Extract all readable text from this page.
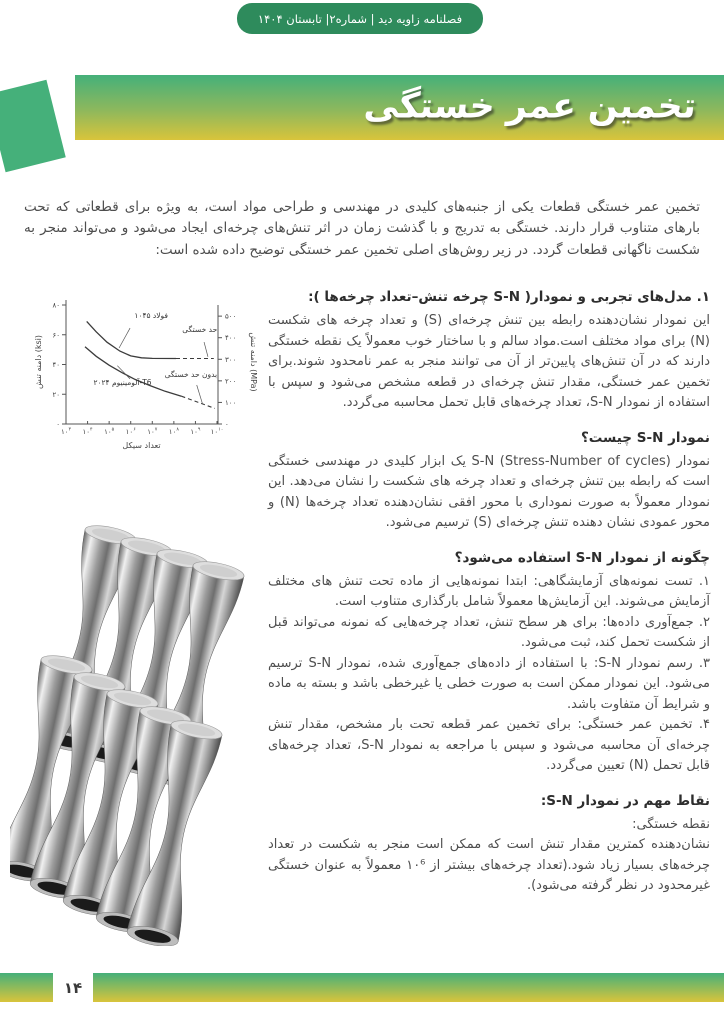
فصلنامه زاویه دید | شماره۲| تابستان ۱۴۰۴
تخمین عمر خستگی

تخمین عمر خستگی قطعات یکی از جنبه‌های کلیدی در مهندسی و طراحی مواد است، به ویژه برای قطعاتی که تحت بارهای متناوب قرار دارند. خستگی به تدریج و با گذشت زمان در اثر تنش‌های چرخه‌ای ایجاد می‌شود و می‌تواند منجر به شکست ناگهانی قطعات گردد. در زیر روش‌های اصلی تخمین عمر خستگی توضیح داده شده است:

۰
۲۰
۴۰
۶۰
۸۰
۰
۱۰۰
۲۰۰
۳۰۰
۴۰۰
۵۰۰
$۱۰^۳$ $۱۰^۴$ $۱۰^۵$ $۱۰^۶$ $۱۰^۷$ $۱۰^۸$ $۱۰^۹$ $۱۰^{۱۰}$
تعداد سیکل
دامنه تنش (ksi)	دامنه تنش (MPa)
فولاد ۱۰۴۵
حد خستگی
آلومینیوم ۲۰۲۴-T6
بدون حد خستگی
۱. مدل‌های تجربی و نمودار( S-N چرخه تنش–تعداد چرخه‌ها ):

این نمودار نشان‌دهنده رابطه بین تنش چرخه‌ای (S) و تعداد چرخه های شکست (N) برای مواد مختلف است.مواد سالم و با ساختار خوب معمولاً یک نقطه خستگی دارند که در آن تنش‌های پایین‌تر از آن می توانند منجر به عمر نامحدود شوند.برای تخمین عمر خستگی، مقدار تنش چرخه‌ای در قطعه مشخص می‌شود و سپس با استفاده از نمودار S-N، تعداد چرخه‌های قابل تحمل محاسبه می‌گردد.

نمودار S-N چیست؟

نمودار S-N (Stress-Number of cycles) یک ابزار کلیدی در مهندسی خستگی است که رابطه بین تنش چرخه‌ای و تعداد چرخه های شکست را نشان می‌دهد. این نمودار معمولاً به صورت نموداری با محور افقی نشان‌دهنده تعداد چرخه‌ها (N) و محور عمودی نشان دهنده تنش چرخه‌ای (S) ترسیم می‌شود.

چگونه از نمودار S-N استفاده می‌شود؟

۱. تست نمونه‌های آزمایشگاهی: ابتدا نمونه‌هایی از ماده تحت تنش های مختلف آزمایش می‌شوند. این آزمایش‌ها معمولاً شامل بارگذاری متناوب است.

۲. جمع‌آوری داده‌ها: برای هر سطح تنش، تعداد چرخه‌هایی که نمونه می‌تواند قبل از شکست تحمل کند، ثبت می‌شود.

۳. رسم نمودار S-N: با استفاده از داده‌های جمع‌آوری شده، نمودار S-N ترسیم می‌شود. این نمودار ممکن است به صورت خطی یا غیرخطی باشد و بسته به ماده و شرایط آن متفاوت باشد.

۴. تخمین عمر خستگی: برای تخمین عمر قطعه تحت بار مشخص، مقدار تنش چرخه‌ای آن محاسبه می‌شود و سپس با مراجعه به نمودار S-N، تعداد چرخه‌های قابل تحمل (N) تعیین می‌گردد.

نقاط مهم در نمودار S-N:

نقطه خستگی:

نشان‌دهنده کمترین مقدار تنش است که ممکن است منجر به شکست در تعداد چرخه‌های بسیار زیاد شود.(تعداد چرخه‌های بیشتر از ۱۰⁶ معمولاً به عنوان خستگی غیرمحدود در نظر گرفته می‌شود).

۱۴
